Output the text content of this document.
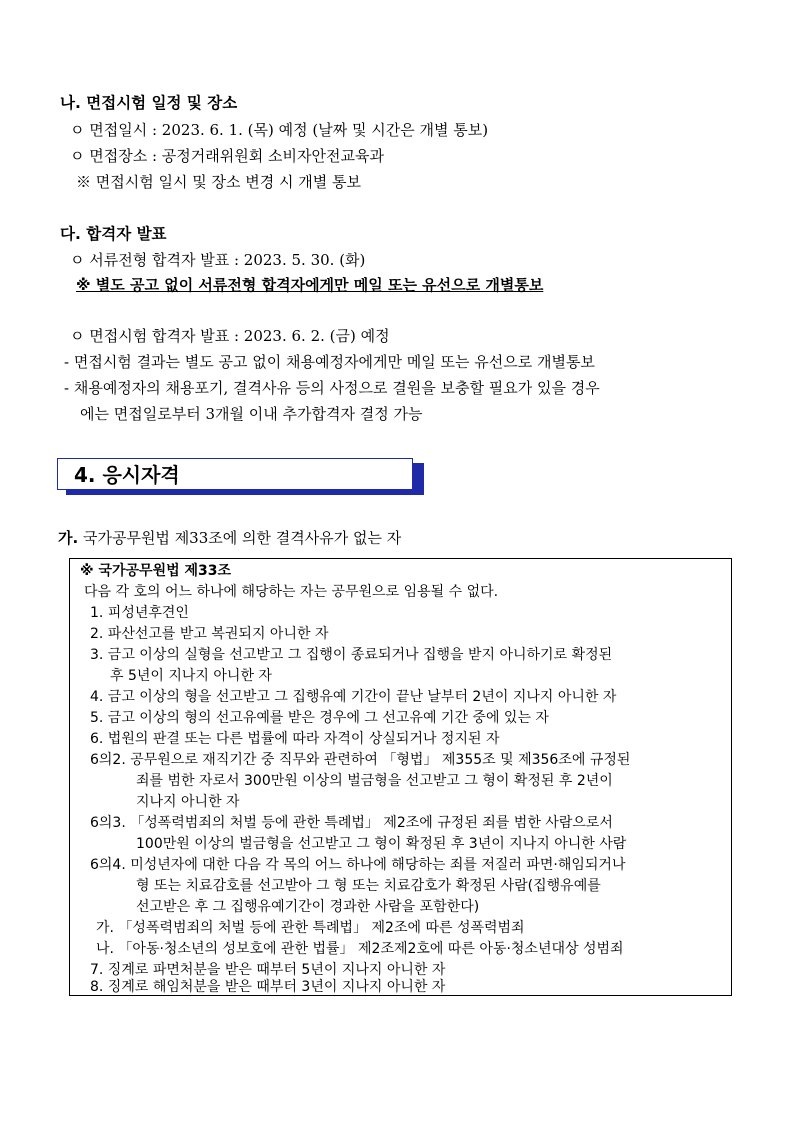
나. 면접시험 일정 및 장소
ㅇ 면접일시 : 2023. 6. 1. (목) 예정 (날짜 및 시간은 개별 통보)
ㅇ 면접장소 : 공정거래위원회 소비자안전교육과
※ 면접시험 일시 및 장소 변경 시 개별 통보
다. 합격자 발표
ㅇ 서류전형 합격자 발표 : 2023. 5. 30. (화)
※ 별도 공고 없이 서류전형 합격자에게만 메일 또는 유선으로 개별통보
ㅇ 면접시험 합격자 발표 : 2023. 6. 2. (금) 예정
- 면접시험 결과는 별도 공고 없이 채용예정자에게만 메일 또는 유선으로 개별통보
- 채용예정자의 채용포기, 결격사유 등의 사정으로 결원을 보충할 필요가 있을 경우
에는 면접일로부터 3개월 이내 추가합격자 결정 가능
4. 응시자격
가. 국가공무원법 제33조에 의한 결격사유가 없는 자
※ 국가공무원법 제33조
다음 각 호의 어느 하나에 해당하는 자는 공무원으로 임용될 수 없다.
1. 피성년후견인
2. 파산선고를 받고 복권되지 아니한 자
3. 금고 이상의 실형을 선고받고 그 집행이 종료되거나 집행을 받지 아니하기로 확정된
후 5년이 지나지 아니한 자
4. 금고 이상의 형을 선고받고 그 집행유예 기간이 끝난 날부터 2년이 지나지 아니한 자
5. 금고 이상의 형의 선고유예를 받은 경우에 그 선고유예 기간 중에 있는 자
6. 법원의 판결 또는 다른 법률에 따라 자격이 상실되거나 정지된 자
6의2. 공무원으로 재직기간 중 직무와 관련하여 「형법」 제355조 및 제356조에 규정된
죄를 범한 자로서 300만원 이상의 벌금형을 선고받고 그 형이 확정된 후 2년이
지나지 아니한 자
6의3. 「성폭력범죄의 처벌 등에 관한 특례법」 제2조에 규정된 죄를 범한 사람으로서
100만원 이상의 벌금형을 선고받고 그 형이 확정된 후 3년이 지나지 아니한 사람
6의4. 미성년자에 대한 다음 각 목의 어느 하나에 해당하는 죄를 저질러 파면·해임되거나
형 또는 치료감호를 선고받아 그 형 또는 치료감호가 확정된 사람(집행유예를
선고받은 후 그 집행유예기간이 경과한 사람을 포함한다)
가. 「성폭력범죄의 처벌 등에 관한 특례법」 제2조에 따른 성폭력범죄
나. 「아동·청소년의 성보호에 관한 법률」 제2조제2호에 따른 아동·청소년대상 성범죄
7. 징계로 파면처분을 받은 때부터 5년이 지나지 아니한 자
8. 징계로 해임처분을 받은 때부터 3년이 지나지 아니한 자
